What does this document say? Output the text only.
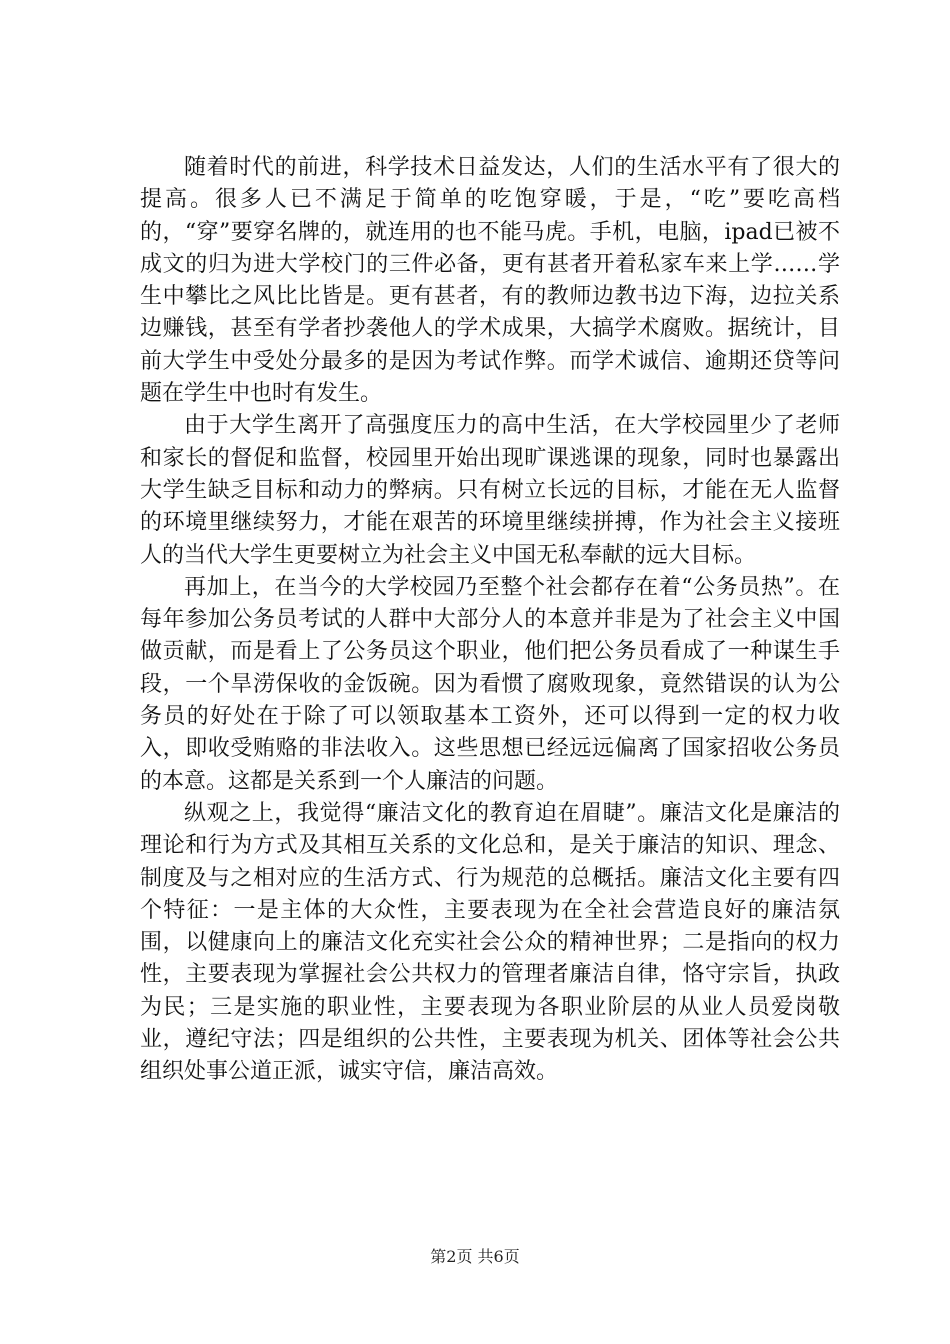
随着时代的前进，科学技术日益发达，人们的生活水平有了很大的提高。很多人已不满足于简单的吃饱穿暖，于是，“吃”要吃高档的，“穿”要穿名牌的，就连用的也不能马虎。手机，电脑，ipad已被不成文的归为进大学校门的三件必备，更有甚者开着私家车来上学……学生中攀比之风比比皆是。更有甚者，有的教师边教书边下海，边拉关系边赚钱，甚至有学者抄袭他人的学术成果，大搞学术腐败。据统计，目前大学生中受处分最多的是因为考试作弊。而学术诚信、逾期还贷等问题在学生中也时有发生。

由于大学生离开了高强度压力的高中生活，在大学校园里少了老师和家长的督促和监督，校园里开始出现旷课逃课的现象，同时也暴露出大学生缺乏目标和动力的弊病。只有树立长远的目标，才能在无人监督的环境里继续努力，才能在艰苦的环境里继续拼搏，作为社会主义接班人的当代大学生更要树立为社会主义中国无私奉献的远大目标。

再加上，在当今的大学校园乃至整个社会都存在着“公务员热”。在每年参加公务员考试的人群中大部分人的本意并非是为了社会主义中国做贡献，而是看上了公务员这个职业，他们把公务员看成了一种谋生手段，一个旱涝保收的金饭碗。因为看惯了腐败现象，竟然错误的认为公务员的好处在于除了可以领取基本工资外，还可以得到一定的权力收入，即收受贿赂的非法收入。这些思想已经远远偏离了国家招收公务员的本意。这都是关系到一个人廉洁的问题。

纵观之上，我觉得“廉洁文化的教育迫在眉睫”。廉洁文化是廉洁的理论和行为方式及其相互关系的文化总和，是关于廉洁的知识、理念、制度及与之相对应的生活方式、行为规范的总概括。廉洁文化主要有四个特征：一是主体的大众性，主要表现为在全社会营造良好的廉洁氛围，以健康向上的廉洁文化充实社会公众的精神世界；二是指向的权力性，主要表现为掌握社会公共权力的管理者廉洁自律，恪守宗旨，执政为民；三是实施的职业性，主要表现为各职业阶层的从业人员爱岗敬业，遵纪守法；四是组织的公共性，主要表现为机关、团体等社会公共组织处事公道正派，诚实守信，廉洁高效。

第2页 共6页
